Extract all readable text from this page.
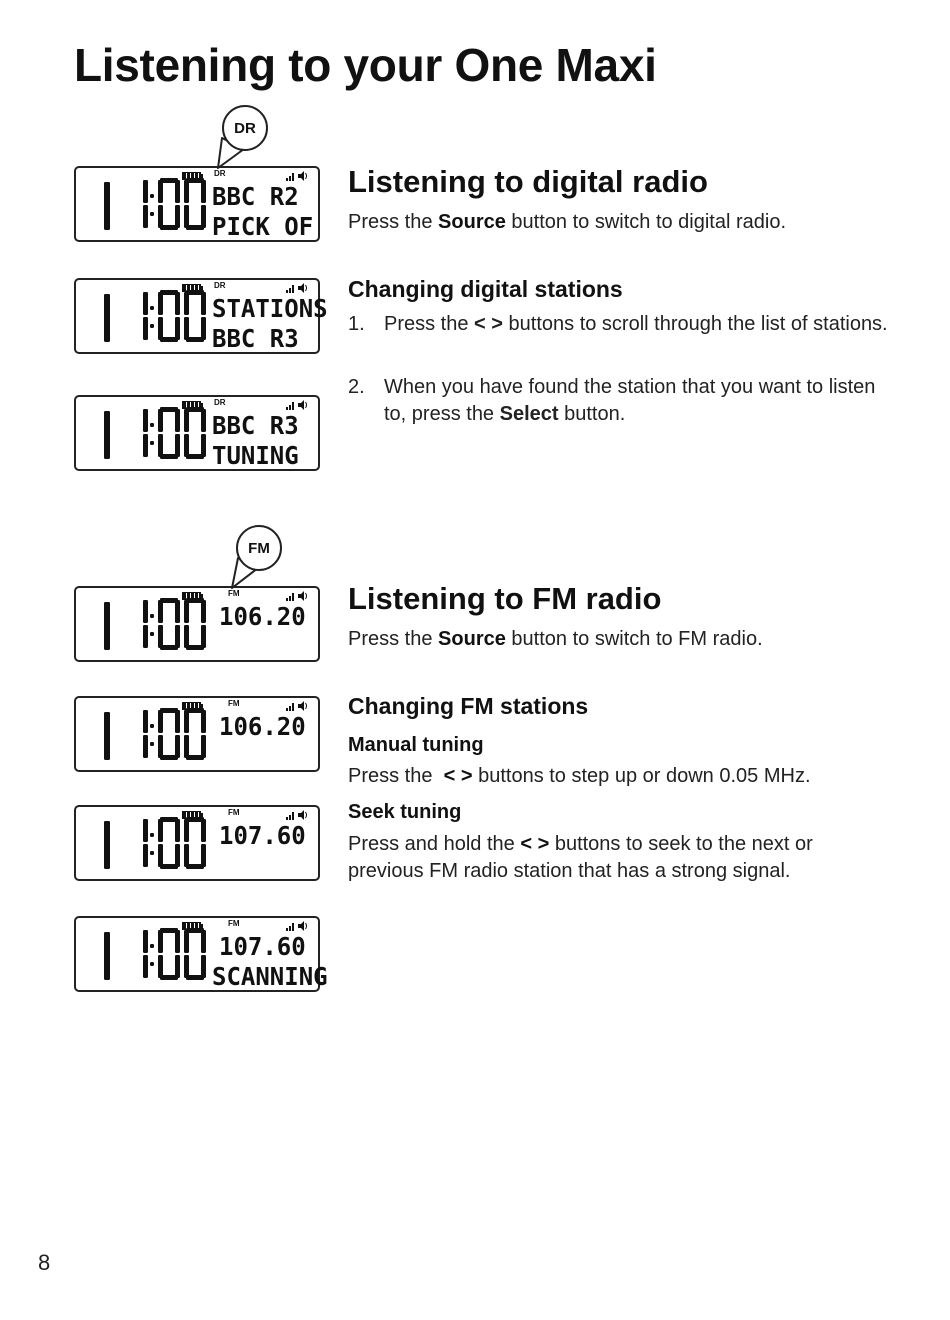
Listening to your One Maxi
DR
FM
DR
BBC R2
PICK OF
DR
STATIONS
BBC R3
DR
BBC R3
TUNING
FM
106.20
FM
106.20
FM
107.60
FM
107.60
SCANNING
Listening to digital radio

Press the Source button to switch to digital radio.

Changing digital stations
1. Press the < > buttons to scroll through the list of stations.
2. When you have found the station that you want to listen to, press the Select button.
Listening to FM radio

Press the Source button to switch to FM radio.

Changing FM stations
Manual tuning

Press the  < > buttons to step up or down 0.05 MHz.

Seek tuning

Press and hold the < > buttons to seek to the next or previous FM radio station that has a strong signal.

8
